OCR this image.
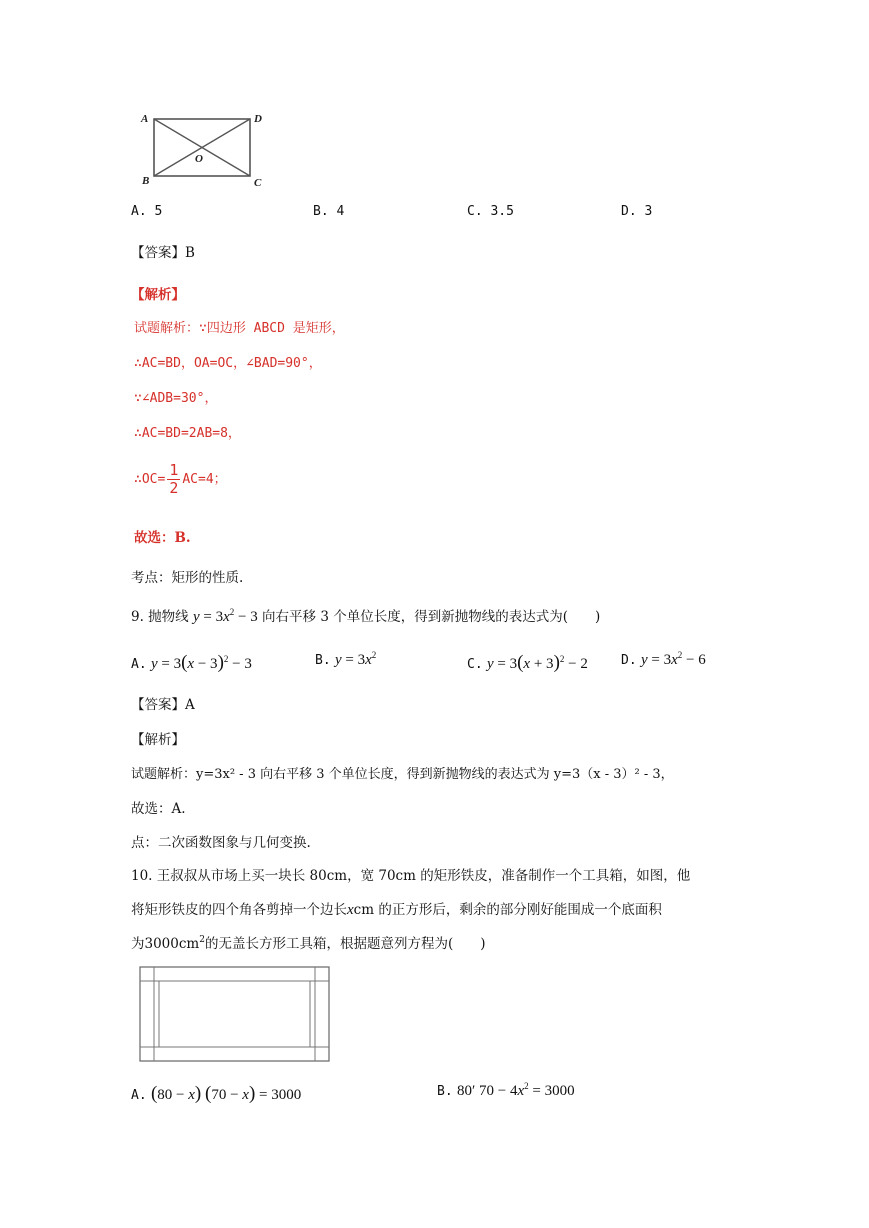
A	D
B	C
O
A. 5	B. 4	C. 3.5	D. 3
【答案】B
【解析】
试题解析：∵四边形 ABCD 是矩形，
∴AC=BD，OA=OC，∠BAD=90°，
∵∠ADB=30°，
∴AC=BD=2AB=8，
∴OC= $\frac{1}{2} AC=4$；
故选：B.
考点：矩形的性质.
9. 抛物线 $y = 3x^2 - 3$ 向右平移 3 个单位长度，得到新抛物线的表达式为(　　)
A. $y = 3(x - 3)^2 - 3$	B. $y = 3x^2$
C. $y = 3(x + 3)^2 - 2$	D. $y = 3x^2 - 6$
【答案】A
【解析】
试题解析：y=3x² - 3 向右平移 3 个单位长度，得到新抛物线的表达式为 y=3（x - 3）² - 3，
故选：A.
点：二次函数图象与几何变换.
10. 王叔叔从市场上买一块长 80cm，宽 70cm 的矩形铁皮，准备制作一个工具箱，如图，他
将矩形铁皮的四个角各剪掉一个边长xcm 的正方形后，剩余的部分刚好能围成一个底面积
为$3000cm^2$的无盖长方形工具箱，根据题意列方程为(　　)
A. (80 − x) (70 − x) = 3000	B. 80′ $70 - 4x^2 = 3000$
